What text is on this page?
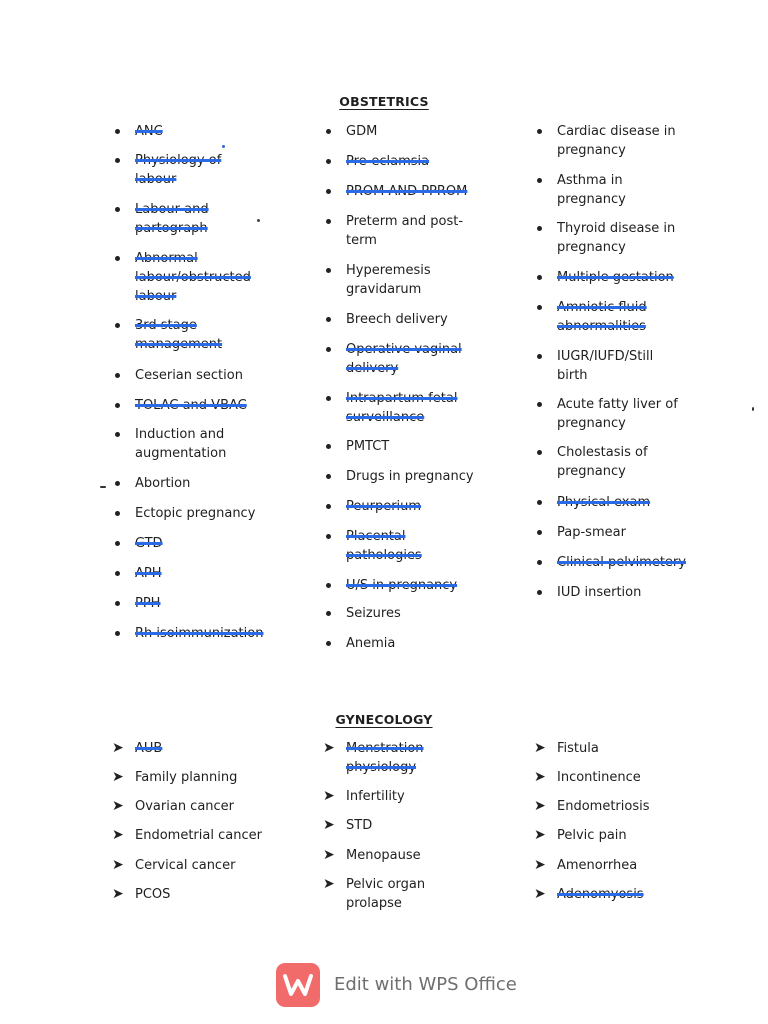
OBSTETRICS
ANC
Physiology of labour
Labour and partograph
Abnormal labour/obstructed labour
3rd stage management
Ceserian section
TOLAC and VBAC
Induction and augmentation
Abortion
Ectopic pregnancy
GTD
APH
PPH
Rh isoimmunization
GDM
Pre-eclamsia
PROM AND PPROM
Preterm and post-term
Hyperemesis gravidarum
Breech delivery
Operative vaginal delivery
Intrapartum fetal surveillance
PMTCT
Drugs in pregnancy
Peurperium
Placental pathologies
U/S in pregnancy
Seizures
Anemia
Cardiac disease in pregnancy
Asthma in pregnancy
Thyroid disease in pregnancy
Multiple gestation
Amniotic fluid abnormalities
IUGR/IUFD/Still birth
Acute fatty liver of pregnancy
Cholestasis of pregnancy
Physical exam
Pap-smear
Clinical pelvimetery
IUD insertion
GYNECOLOGY
➤ AUB
➤ Family planning
➤ Ovarian cancer
➤ Endometrial cancer
➤ Cervical cancer
➤ PCOS
➤ Menstration physiology
➤ Infertility
➤ STD
➤ Menopause
➤ Pelvic organ prolapse
➤ Fistula
➤ Incontinence
➤ Endometriosis
➤ Pelvic pain
➤ Amenorrhea
➤ Adenomyosis
Edit with WPS Office
